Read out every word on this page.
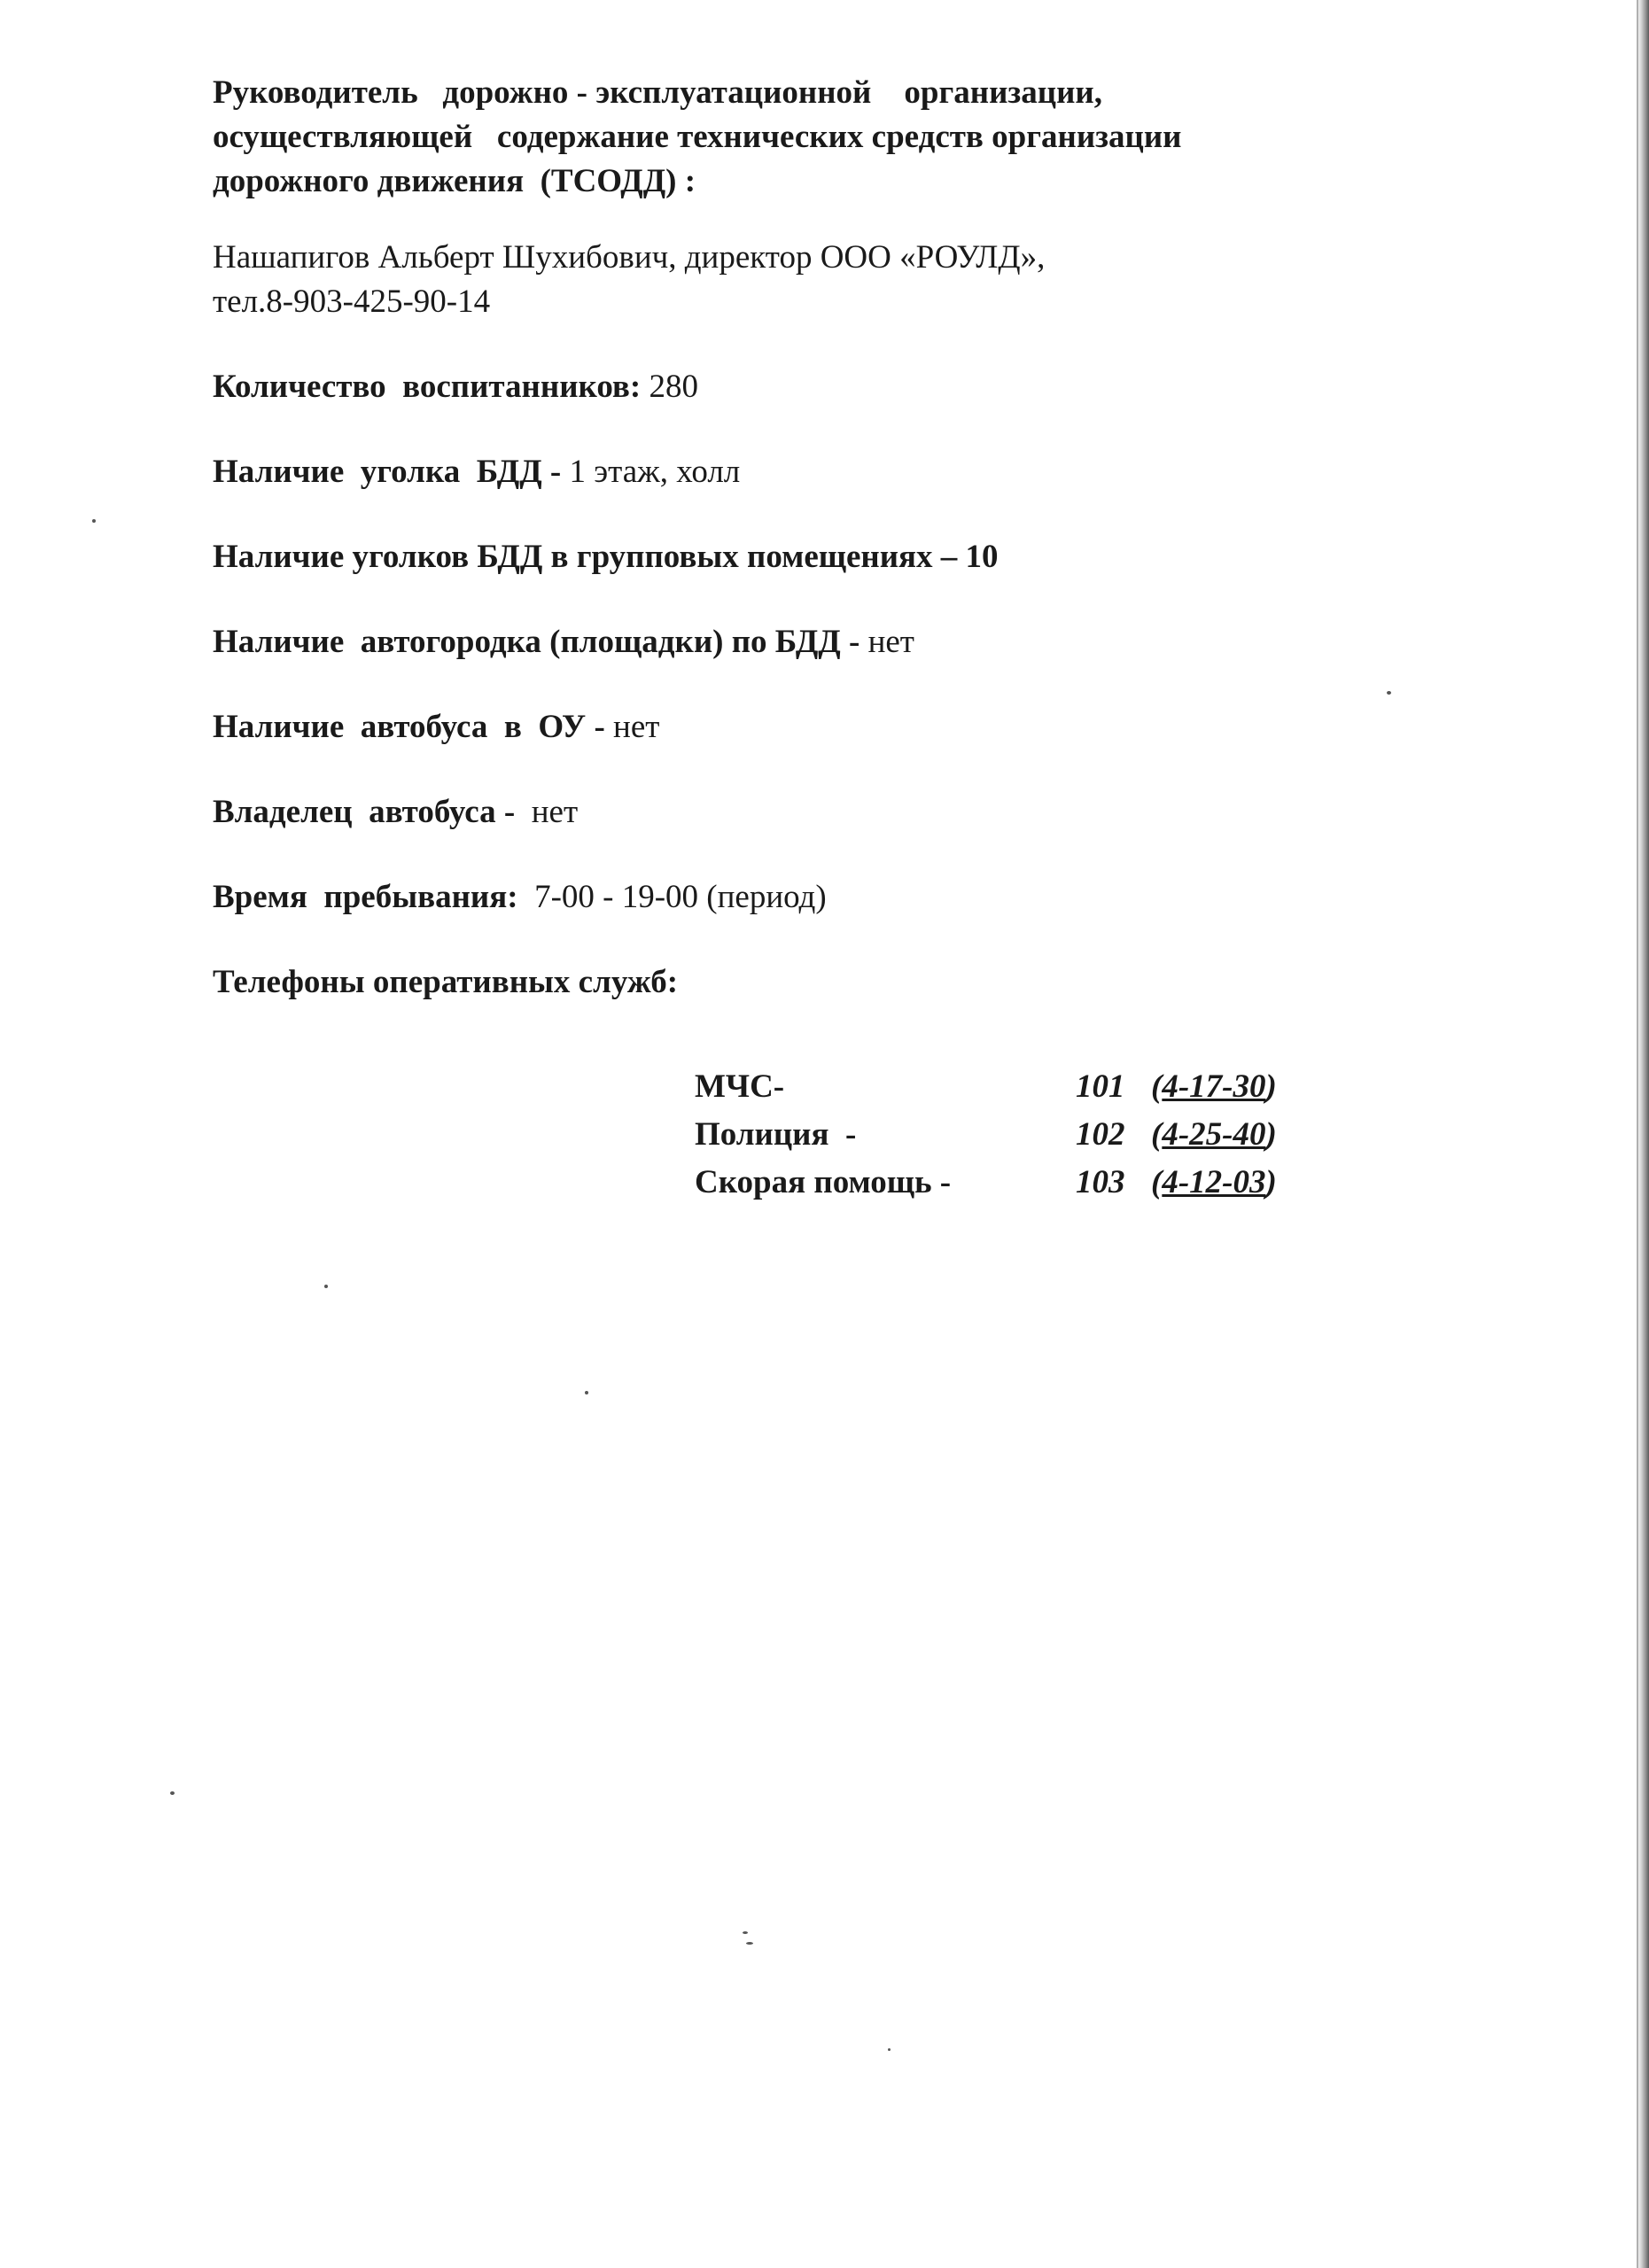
Руководитель   дорожно - эксплуатационной    организации,
осуществляющей   содержание технических средств организации
дорожного движения  (ТСОДД) :
Нашапигов Альберт Шухибович, директор ООО «РОУЛД»,
тел.8-903-425-90-14
Количество  воспитанников: 280
Наличие  уголка  БДД - 1 этаж, холл
Наличие уголков БДД в групповых помещениях – 10
Наличие  автогородка (площадки) по БДД - нет
Наличие  автобуса  в  ОУ - нет
Владелец  автобуса -  нет
Время  пребывания:  7-00 - 19-00 (период)
Телефоны оперативных служб:
МЧС-	101 (4-17-30)
Полиция  -	102 (4-25-40)
Скорая помощь -	103 (4-12-03)
